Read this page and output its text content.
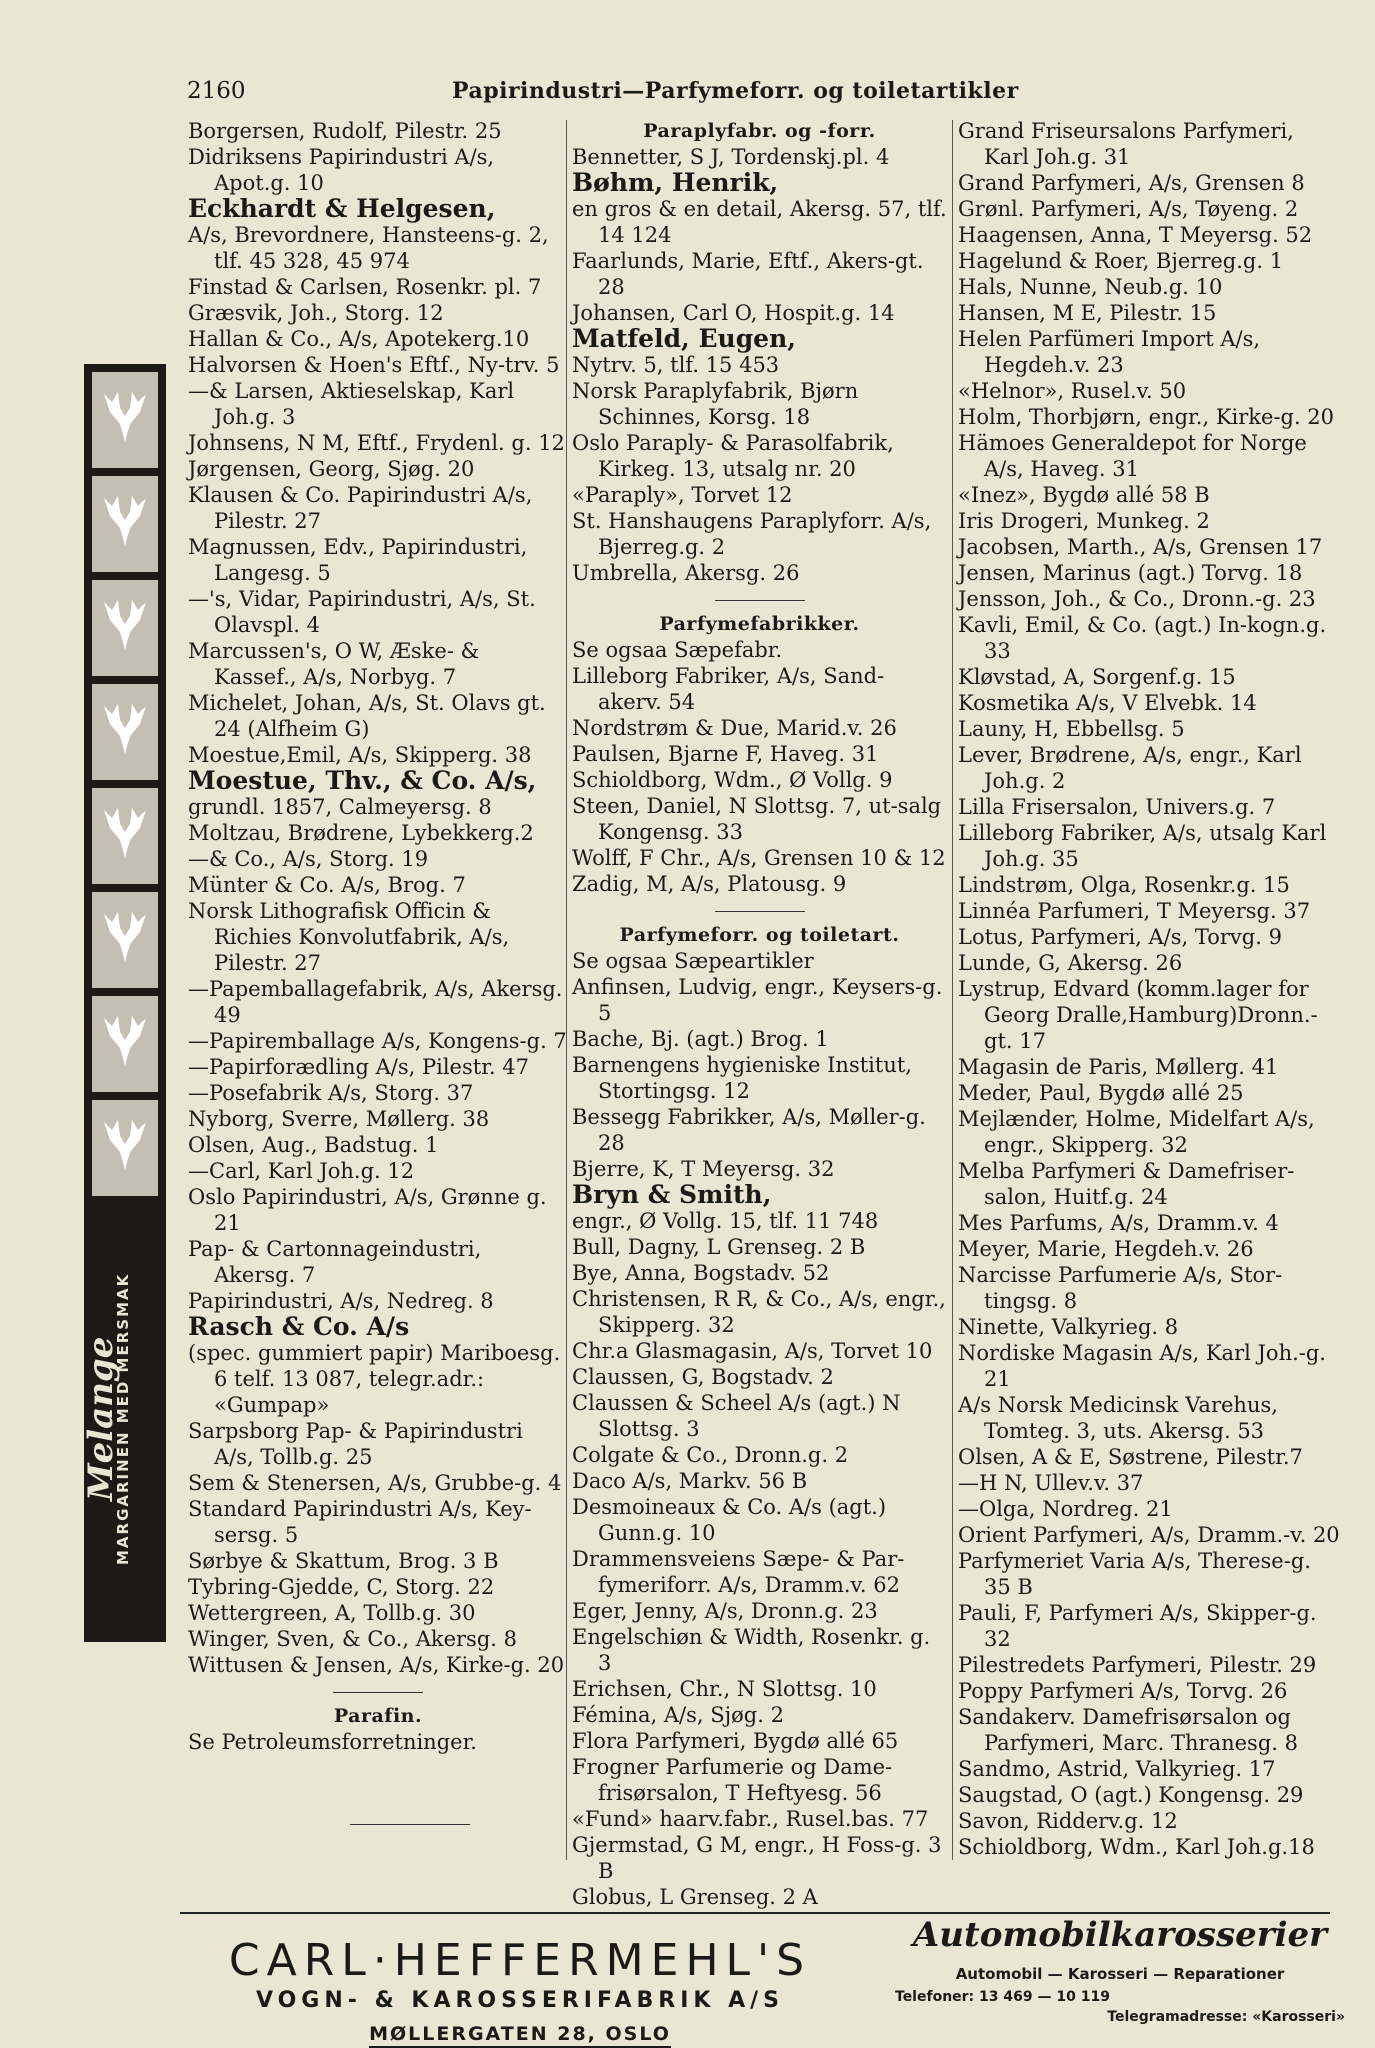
2160	Papirindustri—Parfymeforr. og toiletartikler
Borgersen, Rudolf, Pilestr. 25
Didriksens Papirindustri A/s, Apot.g. 10
Eckhardt & Helgesen,
A/s, Brevordnere, Hansteens-g. 2, tlf. 45 328, 45 974
Finstad & Carlsen, Rosenkr. pl. 7
Græsvik, Joh., Storg. 12
Hallan & Co., A/s, Apotekerg.10
Halvorsen & Hoen's Eftf., Ny-trv. 5
—& Larsen, Aktieselskap, Karl Joh.g. 3
Johnsens, N M, Eftf., Frydenl. g. 12
Jørgensen, Georg, Sjøg. 20
Klausen & Co. Papirindustri A/s, Pilestr. 27
Magnussen, Edv., Papirindustri, Langesg. 5
—'s, Vidar, Papirindustri, A/s, St. Olavspl. 4
Marcussen's, O W, Æske- & Kassef., A/s, Norbyg. 7
Michelet, Johan, A/s, St. Olavs gt. 24 (Alfheim G)
Moestue,Emil, A/s, Skipperg. 38
Moestue, Thv., & Co. A/s,
grundl. 1857, Calmeyersg. 8
Moltzau, Brødrene, Lybekkerg.2
—& Co., A/s, Storg. 19
Münter & Co. A/s, Brog. 7
Norsk Lithografisk Officin & Richies Konvolutfabrik, A/s, Pilestr. 27
—Papemballagefabrik, A/s, Akersg. 49
—Papiremballage A/s, Kongens-g. 7
—Papirforædling A/s, Pilestr. 47
—Posefabrik A/s, Storg. 37
Nyborg, Sverre, Møllerg. 38
Olsen, Aug., Badstug. 1
—Carl, Karl Joh.g. 12
Oslo Papirindustri, A/s, Grønne g. 21
Pap- & Cartonnageindustri, Akersg. 7
Papirindustri, A/s, Nedreg. 8
Rasch & Co. A/s
(spec. gummiert papir) Mariboesg. 6 telf. 13 087, telegr.adr.: «Gumpap»
Sarpsborg Pap- & Papirindustri A/s, Tollb.g. 25
Sem & Stenersen, A/s, Grubbe-g. 4
Standard Papirindustri A/s, Key-sersg. 5
Sørbye & Skattum, Brog. 3 B
Tybring-Gjedde, C, Storg. 22
Wettergreen, A, Tollb.g. 30
Winger, Sven, & Co., Akersg. 8
Wittusen & Jensen, A/s, Kirke-g. 20
Parafin.
Se Petroleumsforretninger.
Paraplyfabr. og -forr.
Bennetter, S J, Tordenskj.pl. 4
Bøhm, Henrik,
en gros & en detail, Akersg. 57, tlf. 14 124
Faarlunds, Marie, Eftf., Akers-gt. 28
Johansen, Carl O, Hospit.g. 14
Matfeld, Eugen,
Nytrv. 5, tlf. 15 453
Norsk Paraplyfabrik, Bjørn Schinnes, Korsg. 18
Oslo Paraply- & Parasolfabrik, Kirkeg. 13, utsalg nr. 20
«Paraply», Torvet 12
St. Hanshaugens Paraplyforr. A/s, Bjerreg.g. 2
Umbrella, Akersg. 26
Parfymefabrikker.
Se ogsaa Sæpefabr.
Lilleborg Fabriker, A/s, Sand-akerv. 54
Nordstrøm & Due, Marid.v. 26
Paulsen, Bjarne F, Haveg. 31
Schioldborg, Wdm., Ø Vollg. 9
Steen, Daniel, N Slottsg. 7, ut-salg Kongensg. 33
Wolff, F Chr., A/s, Grensen 10 & 12
Zadig, M, A/s, Platousg. 9
Parfymeforr. og toiletart.
Se ogsaa Sæpeartikler
Anfinsen, Ludvig, engr., Keysers-g. 5
Bache, Bj. (agt.) Brog. 1
Barnengens hygieniske Institut, Stortingsg. 12
Bessegg Fabrikker, A/s, Møller-g. 28
Bjerre, K, T Meyersg. 32
Bryn & Smith,
engr., Ø Vollg. 15, tlf. 11 748
Bull, Dagny, L Grenseg. 2 B
Bye, Anna, Bogstadv. 52
Christensen, R R, & Co., A/s, engr., Skipperg. 32
Chr.a Glasmagasin, A/s, Torvet 10
Claussen, G, Bogstadv. 2
Claussen & Scheel A/s (agt.) N Slottsg. 3
Colgate & Co., Dronn.g. 2
Daco A/s, Markv. 56 B
Desmoineaux & Co. A/s (agt.) Gunn.g. 10
Drammensveiens Sæpe- & Par-fymeriforr. A/s, Dramm.v. 62
Eger, Jenny, A/s, Dronn.g. 23
Engelschiøn & Width, Rosenkr. g. 3
Erichsen, Chr., N Slottsg. 10
Fémina, A/s, Sjøg. 2
Flora Parfymeri, Bygdø allé 65
Frogner Parfumerie og Dame-frisørsalon, T Heftyesg. 56
«Fund» haarv.fabr., Rusel.bas. 77
Gjermstad, G M, engr., H Foss-g. 3 B
Globus, L Grenseg. 2 A
Grand Friseursalons Parfymeri, Karl Joh.g. 31
Grand Parfymeri, A/s, Grensen 8
Grønl. Parfymeri, A/s, Tøyeng. 2
Haagensen, Anna, T Meyersg. 52
Hagelund & Roer, Bjerreg.g. 1
Hals, Nunne, Neub.g. 10
Hansen, M E, Pilestr. 15
Helen Parfümeri Import A/s, Hegdeh.v. 23
«Helnor», Rusel.v. 50
Holm, Thorbjørn, engr., Kirke-g. 20
Hämoes Generaldepot for Norge A/s, Haveg. 31
«Inez», Bygdø allé 58 B
Iris Drogeri, Munkeg. 2
Jacobsen, Marth., A/s, Grensen 17
Jensen, Marinus (agt.) Torvg. 18
Jensson, Joh., & Co., Dronn.-g. 23
Kavli, Emil, & Co. (agt.) In-kogn.g. 33
Kløvstad, A, Sorgenf.g. 15
Kosmetika A/s, V Elvebk. 14
Launy, H, Ebbellsg. 5
Lever, Brødrene, A/s, engr., Karl Joh.g. 2
Lilla Frisersalon, Univers.g. 7
Lilleborg Fabriker, A/s, utsalg Karl Joh.g. 35
Lindstrøm, Olga, Rosenkr.g. 15
Linnéa Parfumeri, T Meyersg. 37
Lotus, Parfymeri, A/s, Torvg. 9
Lunde, G, Akersg. 26
Lystrup, Edvard (komm.lager for Georg Dralle,Hamburg)Dronn.-gt. 17
Magasin de Paris, Møllerg. 41
Meder, Paul, Bygdø allé 25
Mejlænder, Holme, Midelfart A/s, engr., Skipperg. 32
Melba Parfymeri & Damefriser-salon, Huitf.g. 24
Mes Parfums, A/s, Dramm.v. 4
Meyer, Marie, Hegdeh.v. 26
Narcisse Parfumerie A/s, Stor-tingsg. 8
Ninette, Valkyrieg. 8
Nordiske Magasin A/s, Karl Joh.-g. 21
A/s Norsk Medicinsk Varehus, Tomteg. 3, uts. Akersg. 53
Olsen, A & E, Søstrene, Pilestr.7
—H N, Ullev.v. 37
—Olga, Nordreg. 21
Orient Parfymeri, A/s, Dramm.-v. 20
Parfymeriet Varia A/s, Therese-g. 35 B
Pauli, F, Parfymeri A/s, Skipper-g. 32
Pilestredets Parfymeri, Pilestr. 29
Poppy Parfymeri A/s, Torvg. 26
Sandakerv. Damefrisørsalon og Parfymeri, Marc. Thranesg. 8
Sandmo, Astrid, Valkyrieg. 17
Saugstad, O (agt.) Kongensg. 29
Savon, Ridderv.g. 12
Schioldborg, Wdm., Karl Joh.g.18
Melange
MARGARINEN MED MERSMAK
CARL·HEFFERMEHL'S
VOGN- & KAROSSERIFABRIK A/S
MØLLERGATEN 28, OSLO
Automobilkarosserier
Automobil — Karosseri — Reparationer
Telefoner: 13 469 — 10 119
Telegramadresse: «Karosseri»
